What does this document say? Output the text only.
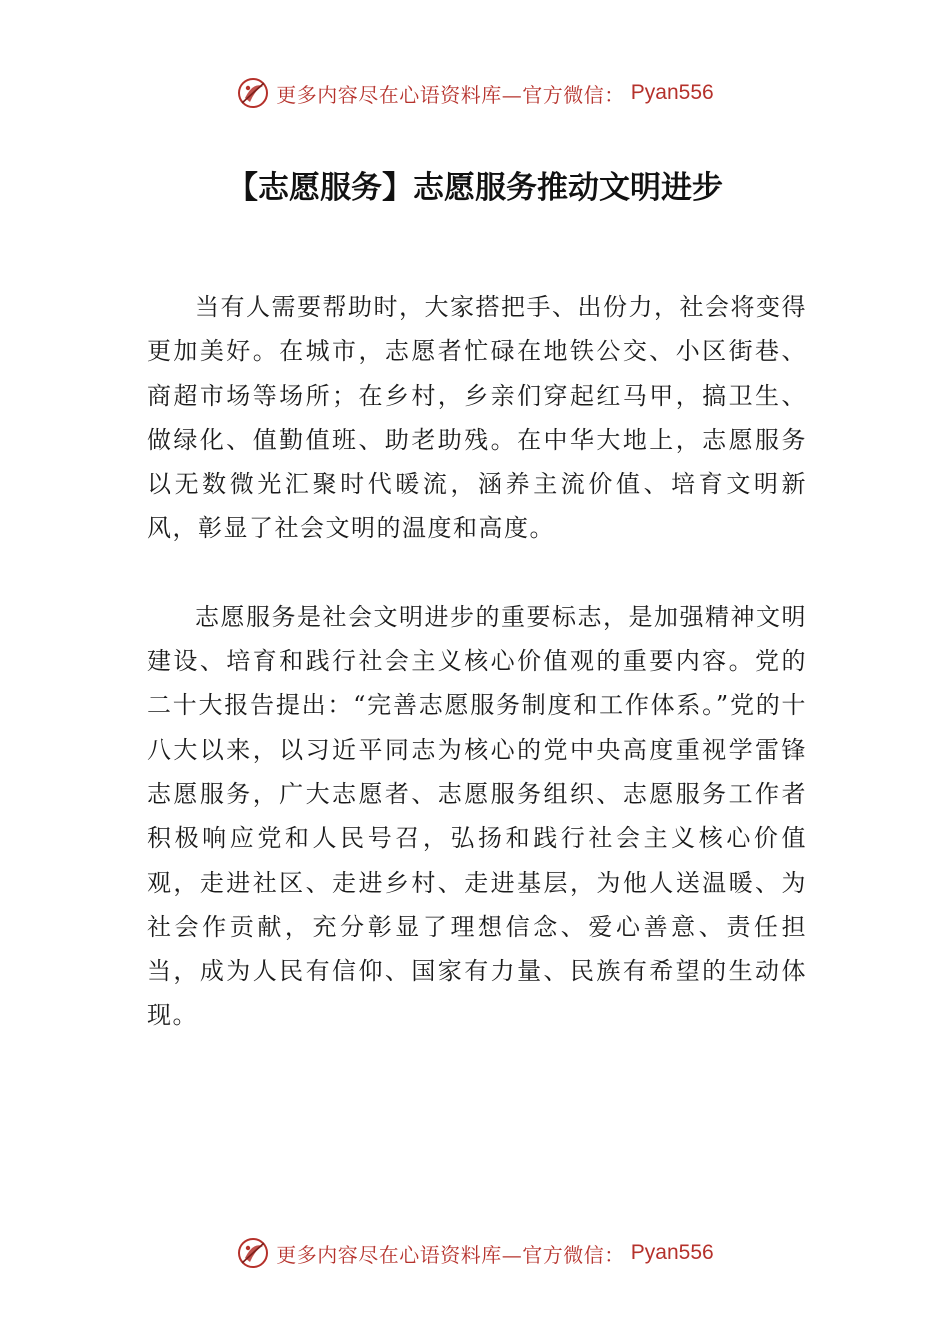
更多内容尽在心语资料库—官方微信： Pyan556
【志愿服务】志愿服务推动文明进步

当有人需要帮助时，大家搭把手、出份力，社会将变得更加美好。在城市，志愿者忙碌在地铁公交、小区街巷、商超市场等场所；在乡村，乡亲们穿起红马甲，搞卫生、做绿化、值勤值班、助老助残。在中华大地上，志愿服务以无数微光汇聚时代暖流，涵养主流价值、培育文明新风，彰显了社会文明的温度和高度。

志愿服务是社会文明进步的重要标志，是加强精神文明建设、培育和践行社会主义核心价值观的重要内容。党的二十大报告提出：“完善志愿服务制度和工作体系。”党的十八大以来，以习近平同志为核心的党中央高度重视学雷锋志愿服务，广大志愿者、志愿服务组织、志愿服务工作者积极响应党和人民号召，弘扬和践行社会主义核心价值观，走进社区、走进乡村、走进基层，为他人送温暖、为社会作贡献，充分彰显了理想信念、爱心善意、责任担当，成为人民有信仰、国家有力量、民族有希望的生动体现。

更多内容尽在心语资料库—官方微信： Pyan556
